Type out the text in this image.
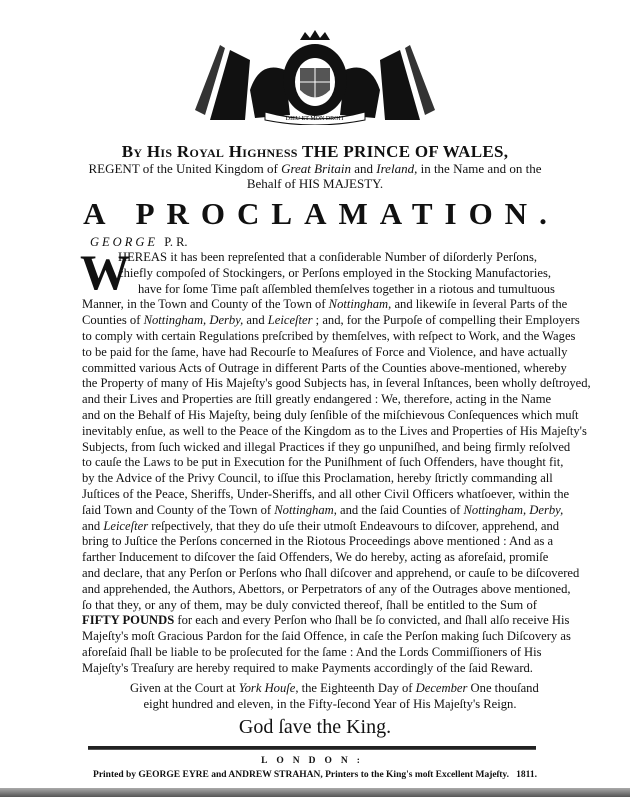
DIEU ET MON DROIT
By His Royal Highness THE PRINCE OF WALES,
REGENT of the United Kingdom of Great Britain and Ireland, in the Name and on the
Behalf of HIS MAJESTY.
A PROCLAMATION.
GEORGE P. R.
W
HEREAS it has been repreſented that a conſiderable Number of diſorderly Perſons,
chiefly compoſed of Stockingers, or Perſons employed in the Stocking Manufactories,
have for ſome Time paſt aſſembled themſelves together in a riotous and tumultuous
Manner, in the Town and County of the Town of Nottingham, and likewiſe in ſeveral Parts of the
Counties of Nottingham, Derby, and Leiceſter ; and, for the Purpoſe of compelling their Employers
to comply with certain Regulations preſcribed by themſelves, with reſpect to Work, and the Wages
to be paid for the ſame, have had Recourſe to Meaſures of Force and Violence, and have actually
committed various Acts of Outrage in different Parts of the Counties above-mentioned, whereby
the Property of many of His Majeſty's good Subjects has, in ſeveral Inſtances, been wholly deſtroyed,
and their Lives and Properties are ſtill greatly endangered : We, therefore, acting in the Name
and on the Behalf of His Majeſty, being duly ſenſible of the miſchievous Conſequences which muſt
inevitably enſue, as well to the Peace of the Kingdom as to the Lives and Properties of His Majeſty's
Subjects, from ſuch wicked and illegal Practices if they go unpuniſhed, and being firmly reſolved
to cauſe the Laws to be put in Execution for the Puniſhment of ſuch Offenders, have thought fit,
by the Advice of the Privy Council, to iſſue this Proclamation, hereby ſtrictly commanding all
Juſtices of the Peace, Sheriffs, Under-Sheriffs, and all other Civil Officers whatſoever, within the
ſaid Town and County of the Town of Nottingham, and the ſaid Counties of Nottingham, Derby,
and Leiceſter reſpectively, that they do uſe their utmoſt Endeavours to diſcover, apprehend, and
bring to Juſtice the Perſons concerned in the Riotous Proceedings above mentioned : And as a
farther Inducement to diſcover the ſaid Offenders, We do hereby, acting as aforeſaid, promiſe
and declare, that any Perſon or Perſons who ſhall diſcover and apprehend, or cauſe to be diſcovered
and apprehended, the Authors, Abettors, or Perpetrators of any of the Outrages above mentioned,
ſo that they, or any of them, may be duly convicted thereof, ſhall be entitled to the Sum of
FIFTY POUNDS for each and every Perſon who ſhall be ſo convicted, and ſhall alſo receive His
Majeſty's moſt Gracious Pardon for the ſaid Offence, in caſe the Perſon making ſuch Diſcovery as
aforeſaid ſhall be liable to be proſecuted for the ſame : And the Lords Commiſſioners of His
Majeſty's Treaſury are hereby required to make Payments accordingly of the ſaid Reward.
Given at the Court at York Houſe, the Eighteenth Day of December One thouſand
eight hundred and eleven, in the Fifty-ſecond Year of His Majeſty's Reign.
God ſave the King.
LONDON:
Printed by GEORGE EYRE and ANDREW STRAHAN, Printers to the King's moſt Excellent Majeſty. 1811.
